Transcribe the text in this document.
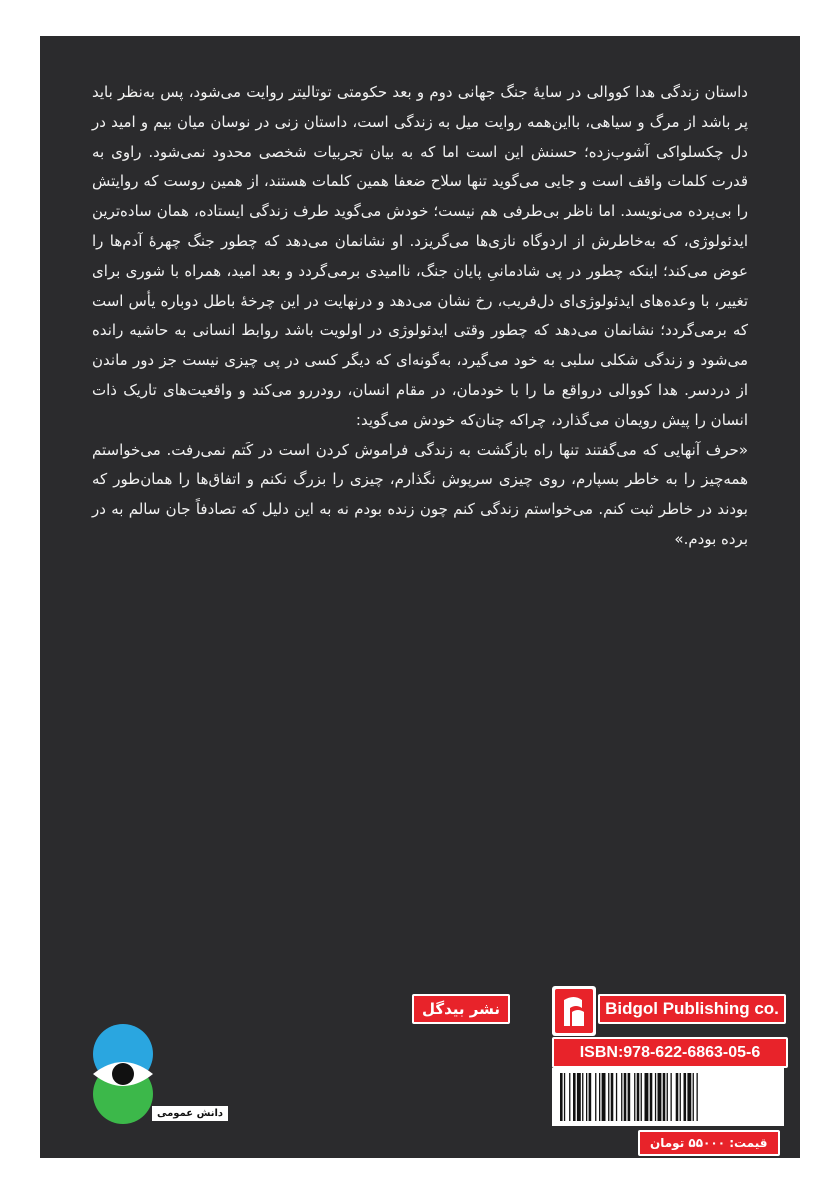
داستان زندگی هدا کووالی در سایهٔ جنگ جهانی دوم و بعد حکومتی توتالیتر روایت می‌شود، پس به‌نظر باید پر باشد از مرگ و سیاهی، بااین‌همه روایت میل به زندگی است، داستان زنی در نوسان میان بیم و امید در دل چکسلواکی آشوب‌زده؛ حسنش این است اما که به بیان تجربیات شخصی محدود نمی‌شود. راوی به قدرت کلمات واقف است و جایی می‌گوید تنها سلاح ضعفا همین کلمات هستند، از همین روست که روایتش را بی‌پرده می‌نویسد. اما ناظر بی‌طرفی هم نیست؛ خودش می‌گوید طرف زندگی ایستاده، همان ساده‌ترین ایدئولوژی، که به‌خاطرش از اردوگاه نازی‌ها می‌گریزد. او نشانمان می‌دهد که چطور جنگ چهرهٔ آدم‌ها را عوض می‌کند؛ اینکه چطور در پی شادمانیِ پایان جنگ، ناامیدی برمی‌گردد و بعد امید، همراه با شوری برای تغییر، با وعده‌های ایدئولوژی‌ای دل‌فریب، رخ نشان می‌دهد و درنهایت در این چرخهٔ باطل دوباره یأس است که برمی‌گردد؛ نشانمان می‌دهد که چطور وقتی ایدئولوژی در اولویت باشد روابط انسانی به حاشیه رانده می‌شود و زندگی شکلی سلبی به خود می‌گیرد، به‌گونه‌ای که دیگر کسی در پی چیزی نیست جز دور ماندن از دردسر. هدا کووالی درواقع ما را با خودمان، در مقام انسان، رودررو می‌کند و واقعیت‌های تاریک ذات انسان را پیش رویمان می‌گذارد، چراکه چنان‌که خودش می‌گوید:

«حرف آنهایی که می‌گفتند تنها راه بازگشت به زندگی فراموش کردن است در کَتم نمی‌رفت. می‌خواستم همه‌چیز را به خاطر بسپارم، روی چیزی سرپوش نگذارم، چیزی را بزرگ نکنم و اتفاق‌ها را همان‌طور که بودند در خاطر ثبت کنم. می‌خواستم زندگی کنم چون زنده بودم نه به این دلیل که تصادفاً جان سالم به در برده بودم.»

دانش عمومی
نشر بیدگل	Bidgol Publishing co.
ISBN:978-622-6863-05-6
قیمت: ۵۵۰۰۰ تومان
